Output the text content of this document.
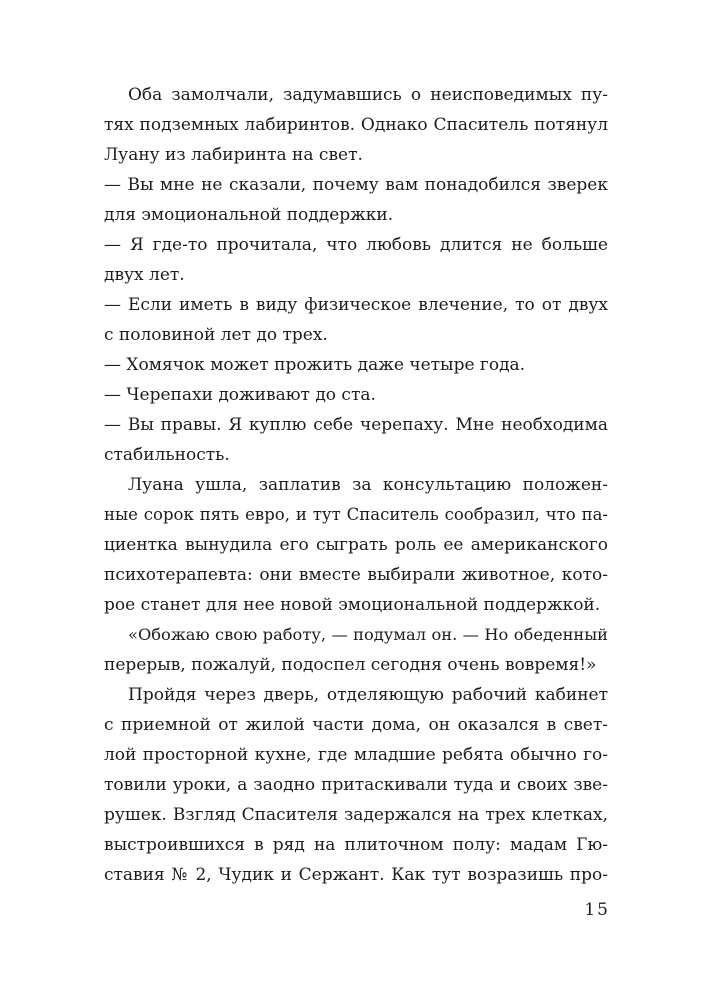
Оба замолчали, задумавшись о неисповедимых пу-
тях подземных лабиринтов. Однако Спаситель потянул
Луану из лабиринта на свет.
— Вы мне не сказали, почему вам понадобился зверек
для эмоциональной поддержки.
— Я где-то прочитала, что любовь длится не больше
двух лет.
— Если иметь в виду физическое влечение, то от двух
с половиной лет до трех.
— Хомячок может прожить даже четыре года.
— Черепахи доживают до ста.
— Вы правы. Я куплю себе черепаху. Мне необходима
стабильность.
Луана ушла, заплатив за консультацию положен-
ные сорок пять евро, и тут Спаситель сообразил, что па-
циентка вынудила его сыграть роль ее американского
психотерапевта: они вместе выбирали животное, кото-
рое станет для нее новой эмоциональной поддержкой.
«Обожаю свою работу, — подумал он. — Но обеденный
перерыв, пожалуй, подоспел сегодня очень вовремя!»
Пройдя через дверь, отделяющую рабочий кабинет
с приемной от жилой части дома, он оказался в свет-
лой просторной кухне, где младшие ребята обычно го-
товили уроки, а заодно притаскивали туда и своих зве-
рушек. Взгляд Спасителя задержался на трех клетках,
выстроившихся в ряд на плиточном полу: мадам Гю-
ставия № 2, Чудик и Сержант. Как тут возразишь про-
15
